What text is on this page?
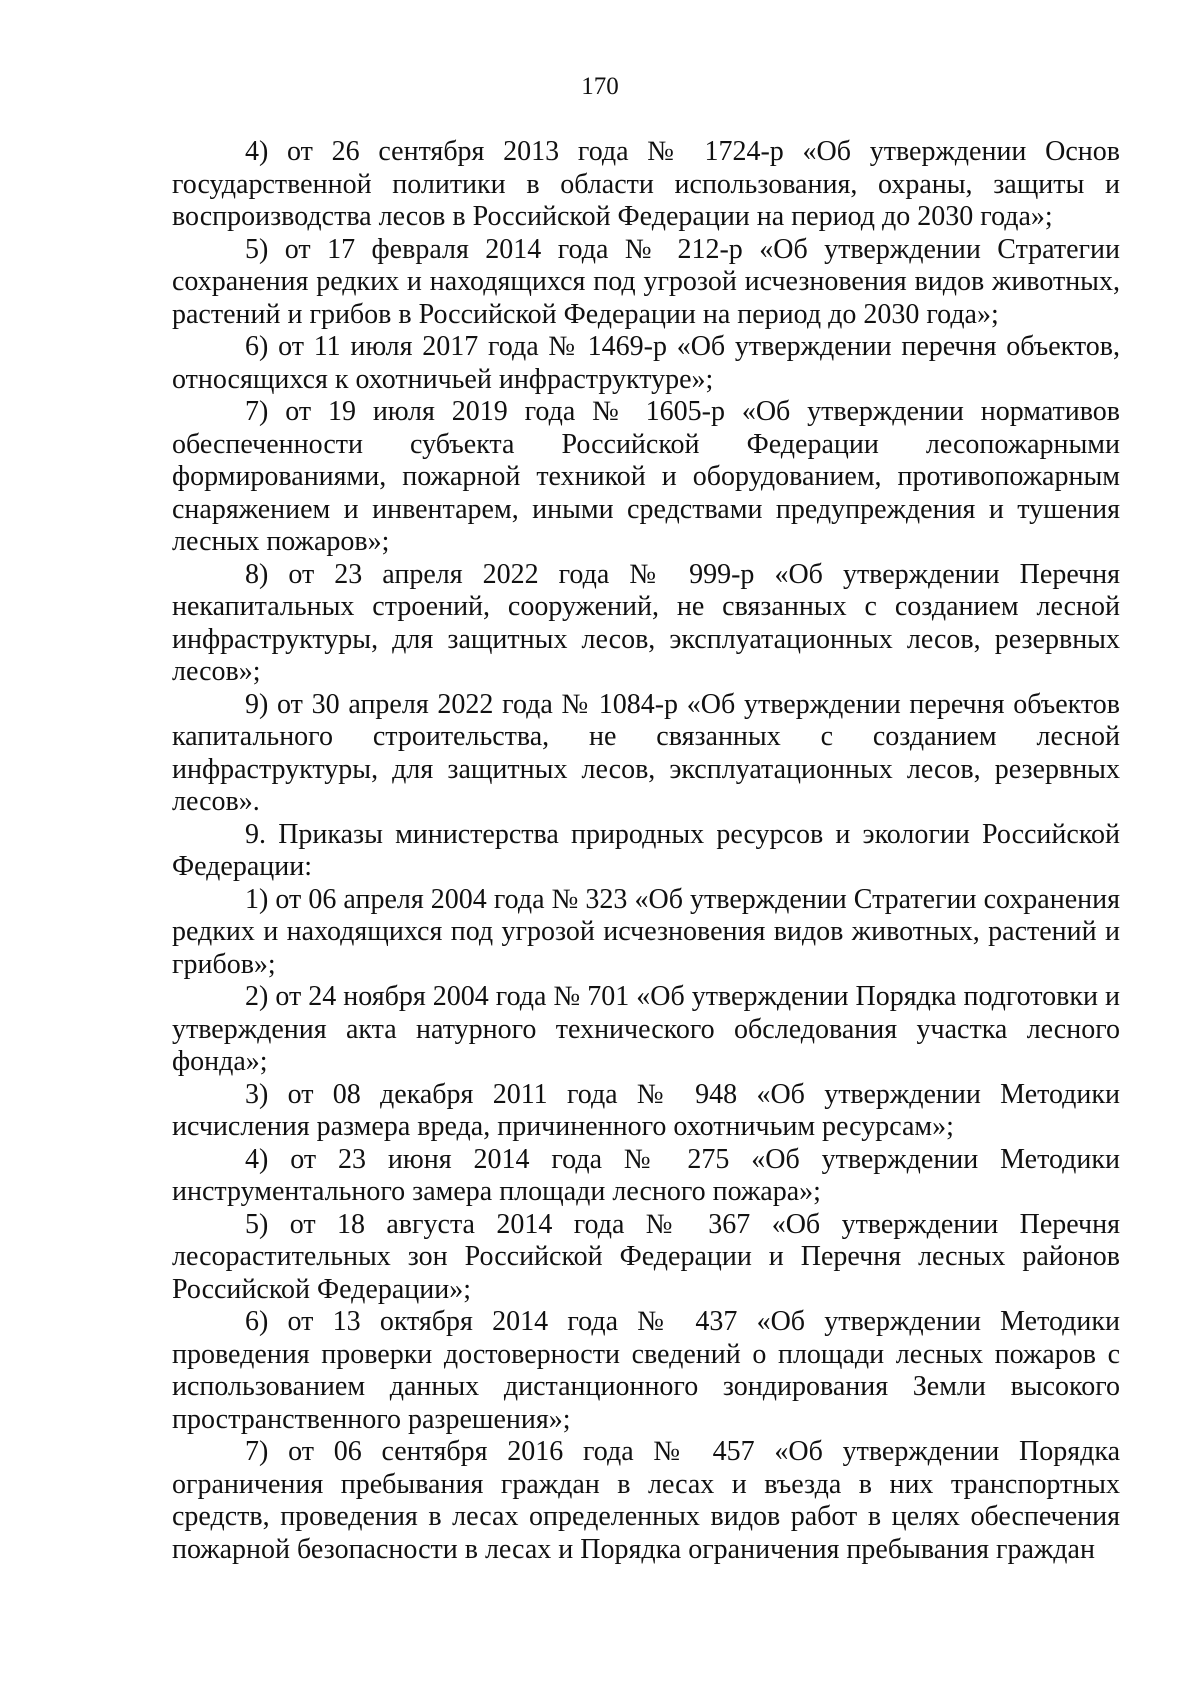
170

4) от 26 сентября 2013 года № 1724-р «Об утверждении Основ государственной политики в области использования, охраны, защиты и воспроизводства лесов в Российской Федерации на период до 2030 года»;

5) от 17 февраля 2014 года № 212-р «Об утверждении Стратегии сохранения редких и находящихся под угрозой исчезновения видов животных, растений и грибов в Российской Федерации на период до 2030 года»;

6) от 11 июля 2017 года № 1469-р «Об утверждении перечня объектов, относящихся к охотничьей инфраструктуре»;

7) от 19 июля 2019 года № 1605-р «Об утверждении нормативов обеспеченности субъекта Российской Федерации лесопожарными формированиями, пожарной техникой и оборудованием, противопожарным снаряжением и инвентарем, иными средствами предупреждения и тушения лесных пожаров»;

8) от 23 апреля 2022 года № 999-р «Об утверждении Перечня некапитальных строений, сооружений, не связанных с созданием лесной инфраструктуры, для защитных лесов, эксплуатационных лесов, резервных лесов»;

9) от 30 апреля 2022 года № 1084-р «Об утверждении перечня объектов капитального строительства, не связанных с созданием лесной инфраструктуры, для защитных лесов, эксплуатационных лесов, резервных лесов».

9. Приказы министерства природных ресурсов и экологии Российской Федерации:

1) от 06 апреля 2004 года № 323 «Об утверждении Стратегии сохранения редких и находящихся под угрозой исчезновения видов животных, растений и грибов»;

2) от 24 ноября 2004 года № 701 «Об утверждении Порядка подготовки и утверждения акта натурного технического обследования участка лесного фонда»;

3) от 08 декабря 2011 года № 948 «Об утверждении Методики исчисления размера вреда, причиненного охотничьим ресурсам»;

4) от 23 июня 2014 года № 275 «Об утверждении Методики инструментального замера площади лесного пожара»;

5) от 18 августа 2014 года № 367 «Об утверждении Перечня лесорастительных зон Российской Федерации и Перечня лесных районов Российской Федерации»;

6) от 13 октября 2014 года № 437 «Об утверждении Методики проведения проверки достоверности сведений о площади лесных пожаров с использованием данных дистанционного зондирования Земли высокого пространственного разрешения»;

7) от 06 сентября 2016 года № 457 «Об утверждении Порядка ограничения пребывания граждан в лесах и въезда в них транспортных средств, проведения в лесах определенных видов работ в целях обеспечения пожарной безопасности в лесах и Порядка ограничения пребывания граждан
